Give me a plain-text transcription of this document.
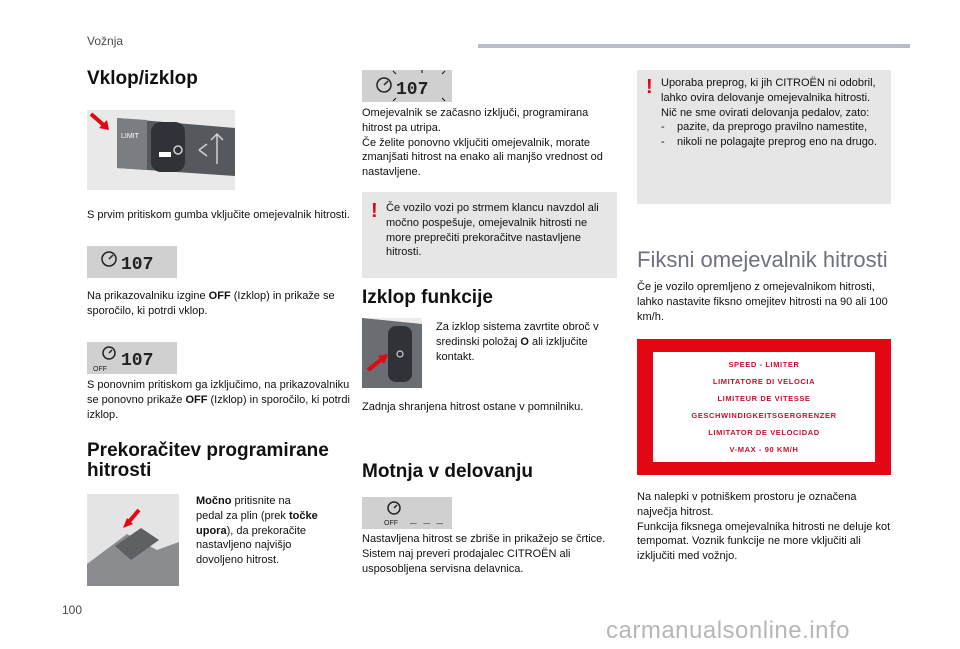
Vožnja
100
carmanualsonline.info
Vklop/izklop
LIMIT
S prvim pritiskom gumba vključite omejevalnik hitrosti.
107
Na prikazovalniku izgine OFF (Izklop) in prikaže se sporočilo, ki potrdi vklop.
OFF 107
S ponovnim pritiskom ga izključimo, na prikazovalniku se ponovno prikaže OFF (Izklop) in sporočilo, ki potrdi izklop.
Prekoračitev programirane
hitrosti
Močno pritisnite na pedal za plin (prek točke upora), da prekoračite nastavljeno najvišjo dovoljeno hitrost.
107
Omejevalnik se začasno izključi, programirana hitrost pa utripa.
Če želite ponovno vključiti omejevalnik, morate zmanjšati hitrost na enako ali manjšo vrednost od nastavljene.
! Če vozilo vozi po strmem klancu navzdol ali močno pospešuje, omejevalnik hitrosti ne more preprečiti prekoračitve nastavljene hitrosti.
Izklop funkcije
Za izklop sistema zavrtite obroč v sredinski položaj O ali izključite kontakt.
Zadnja shranjena hitrost ostane v pomnilniku.
Motnja v delovanju
OFF _ _ _
Nastavljena hitrost se zbriše in prikažejo se črtice.
Sistem naj preveri prodajalec CITROËN ali usposobljena servisna delavnica.
! Uporaba preprog, ki jih CITROËN ni odobril, lahko ovira delovanje omejevalnika hitrosti.
Nič ne sme ovirati delovanja pedalov, zato:
-	pazite, da preprogo pravilno namestite,
-	nikoli ne polagajte preprog eno na drugo.
Fiksni omejevalnik hitrosti
Če je vozilo opremljeno z omejevalnikom hitrosti, lahko nastavite fiksno omejitev hitrosti na 90 ali 100 km/h.
SPEED - LIMITER
LIMITATORE DI VELOCIA
LIMITEUR DE VITESSE
GESCHWINDIGKEITSGERGRENZER
LIMITATOR DE VELOCIDAD
V-MAX - 90 KM/H
Na nalepki v potniškem prostoru je označena največja hitrost.
Funkcija fiksnega omejevalnika hitrosti ne deluje kot tempomat. Voznik funkcije ne more vključiti ali izključiti med vožnjo.
